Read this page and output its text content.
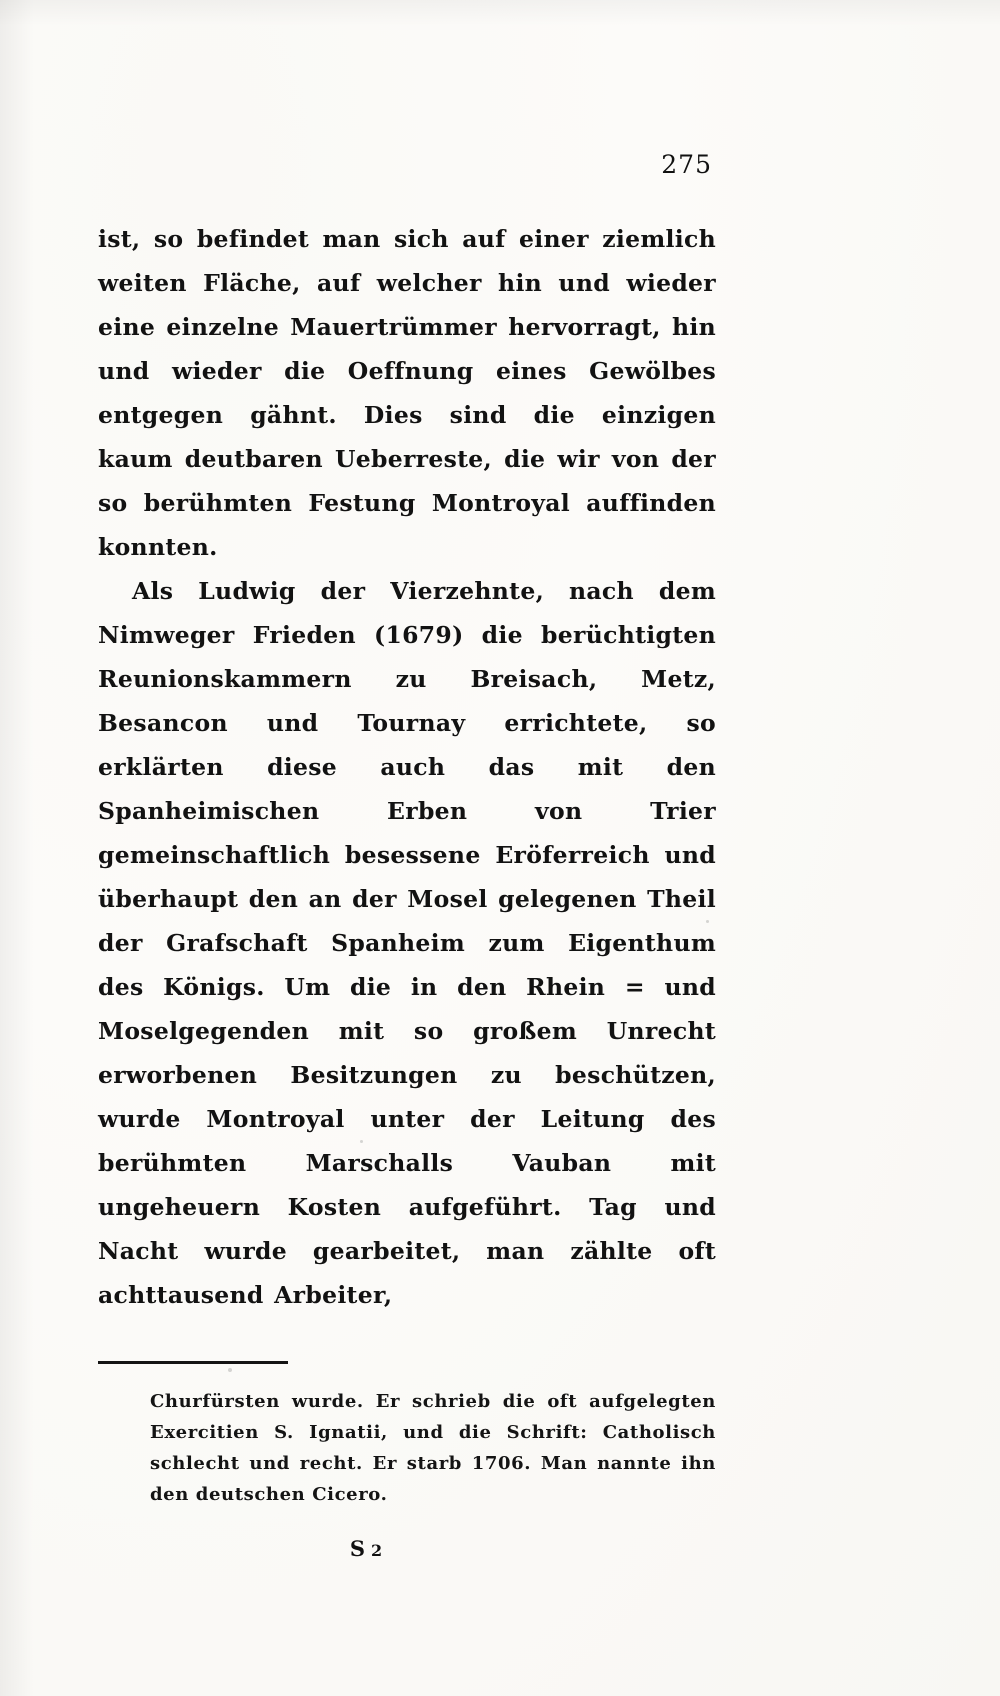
275

ist, so befindet man sich auf einer ziemlich weiten Fläche, auf welcher hin und wieder eine einzelne Mauertrümmer hervorragt, hin und wieder die Oeffnung eines Gewölbes entgegen gähnt. Dies sind die einzigen kaum deutbaren Ueberreste, die wir von der so berühmten Festung Montroyal auffinden konnten.

Als Ludwig der Vierzehnte, nach dem Nimweger Frieden (1679) die berüchtigten Reunionskammern zu Breisach, Metz, Besancon und Tournay errichtete, so erklärten diese auch das mit den Spanheimischen Erben von Trier gemeinschaftlich besessene Eröferreich und überhaupt den an der Mosel gelegenen Theil der Grafschaft Spanheim zum Eigenthum des Königs. Um die in den Rhein = und Moselgegenden mit so großem Unrecht erworbenen Besitzungen zu beschützen, wurde Montroyal unter der Leitung des berühmten Marschalls Vauban mit ungeheuern Kosten aufgeführt. Tag und Nacht wurde gearbeitet, man zählte oft achttausend Arbeiter,

Churfürsten wurde. Er schrieb die oft aufgelegten Exercitien S. Ignatii, und die Schrift: Catholisch schlecht und recht. Er starb 1706. Man nannte ihn den deutschen Cicero.

S 2
